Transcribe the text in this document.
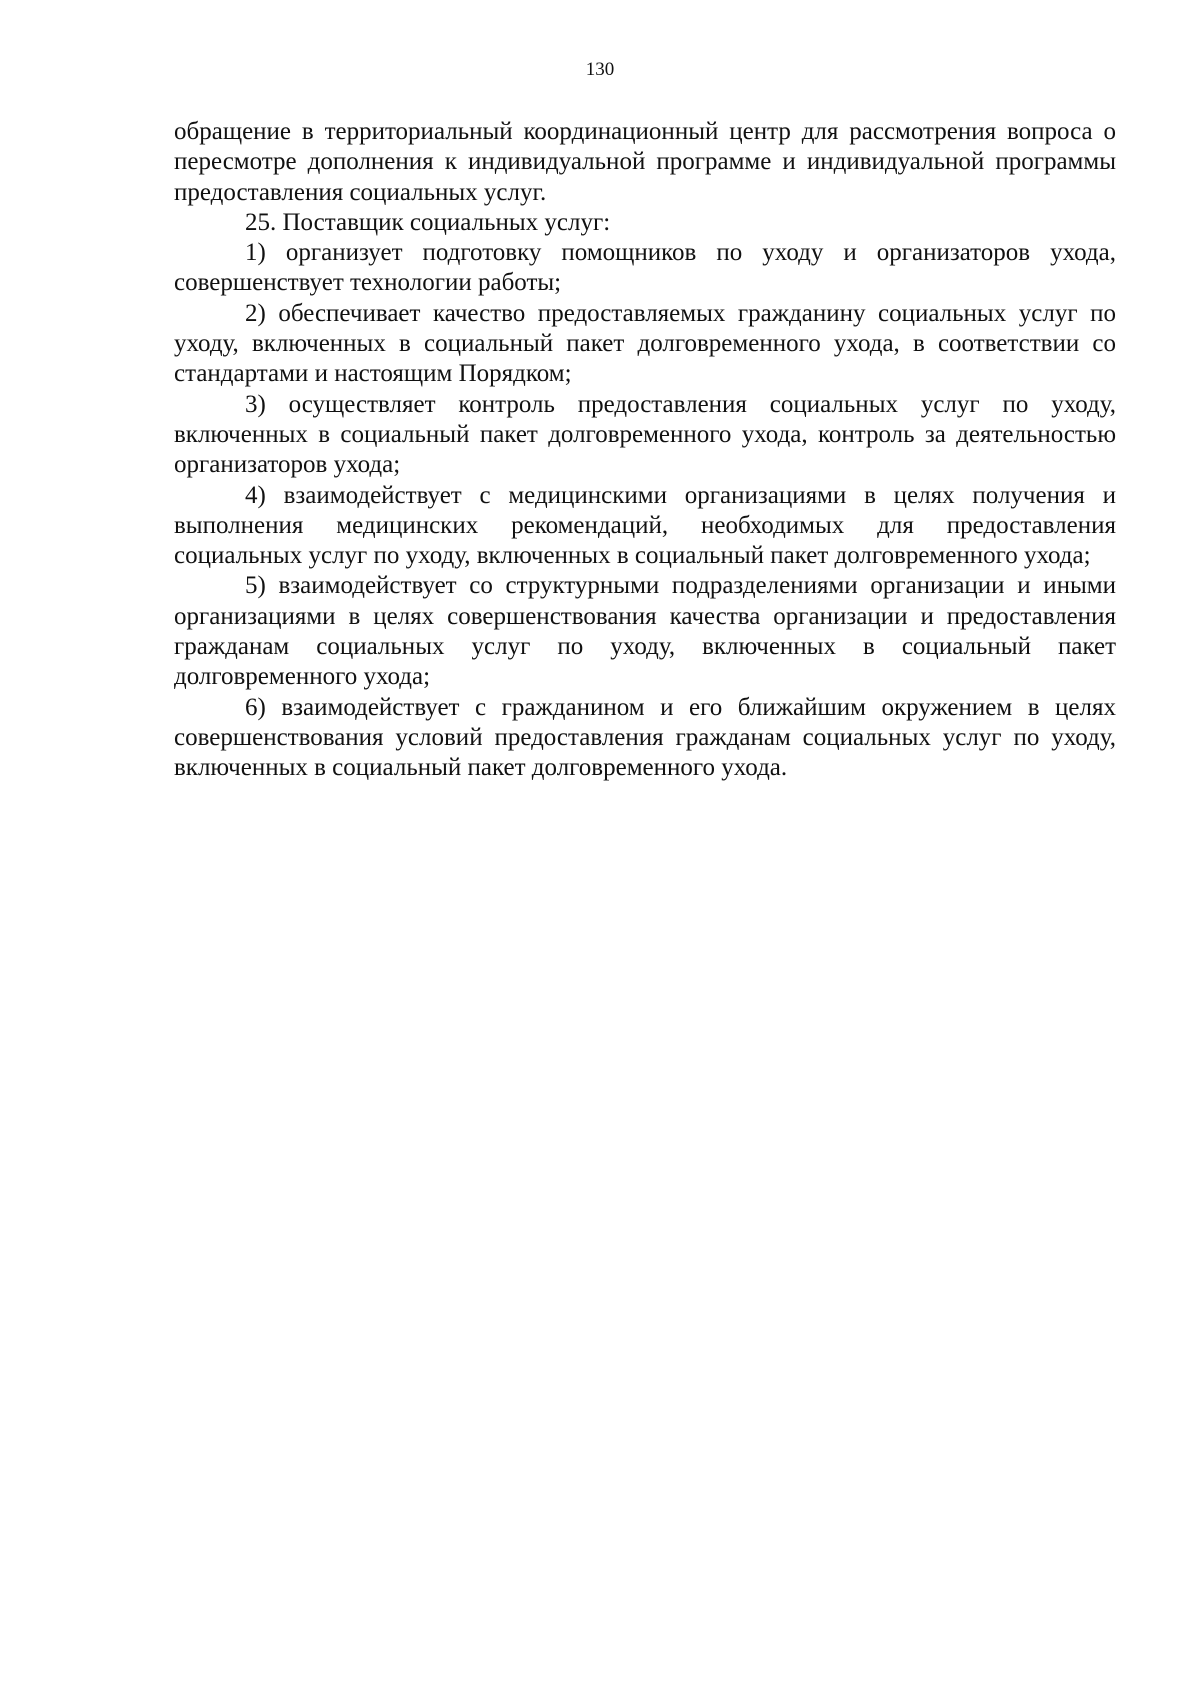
130

обращение в территориальный координационный центр для рассмотрения вопроса о пересмотре дополнения к индивидуальной программе и индивидуальной программы предоставления социальных услуг.

25. Поставщик социальных услуг:

1) организует подготовку помощников по уходу и организаторов ухода, совершенствует технологии работы;

2) обеспечивает качество предоставляемых гражданину социальных услуг по уходу, включенных в социальный пакет долговременного ухода, в соответствии со стандартами и настоящим Порядком;

3) осуществляет контроль предоставления социальных услуг по уходу, включенных в социальный пакет долговременного ухода, контроль за деятельностью организаторов ухода;

4) взаимодействует с медицинскими организациями в целях получения и выполнения медицинских рекомендаций, необходимых для предоставления социальных услуг по уходу, включенных в социальный пакет долговременного ухода;

5) взаимодействует со структурными подразделениями организации и иными организациями в целях совершенствования качества организации и предоставления гражданам социальных услуг по уходу, включенных в социальный пакет долговременного ухода;

6) взаимодействует с гражданином и его ближайшим окружением в целях совершенствования условий предоставления гражданам социальных услуг по уходу, включенных в социальный пакет долговременного ухода.
